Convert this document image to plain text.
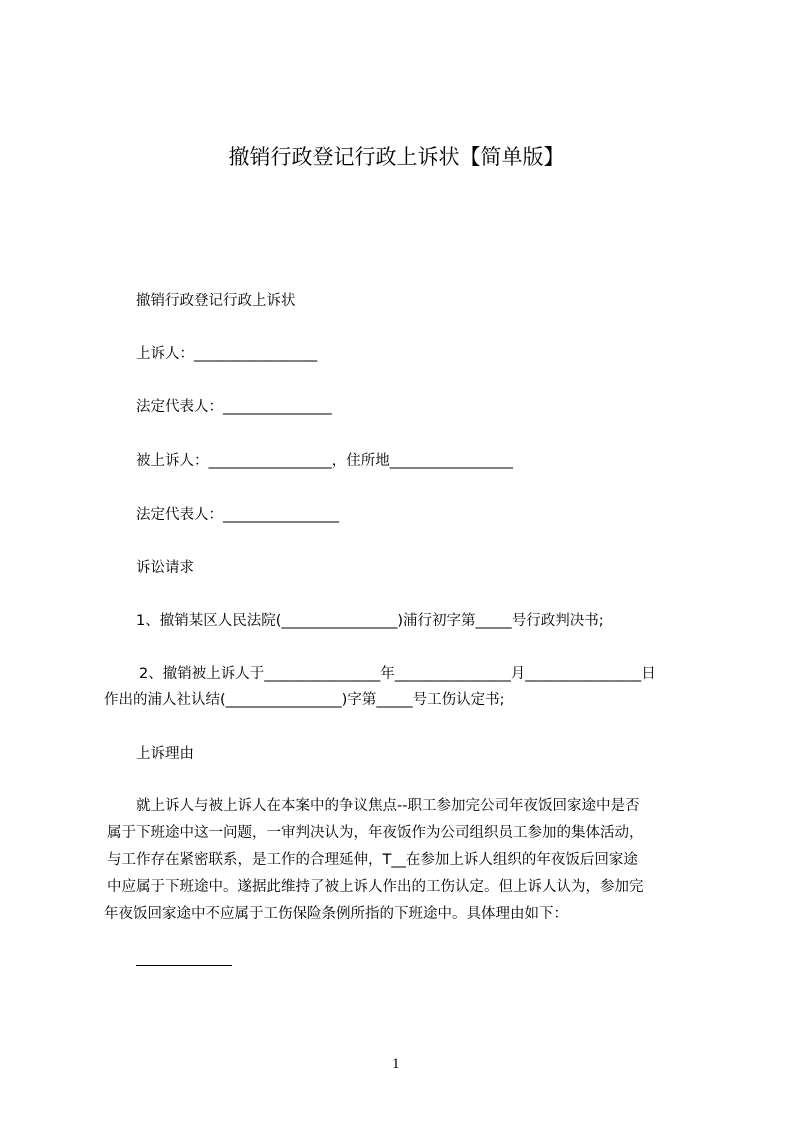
撤销行政登记行政上诉状【简单版】
撤销行政登记行政上诉状
上诉人：_________________
法定代表人：_______________
被上诉人：_________________，住所地_________________
法定代表人：________________
诉讼请求
1、撤销某区人民法院(________________)浦行初字第_____号行政判决书;
2、撤销被上诉人于________________年________________月________________日
作出的浦人社认结(________________)字第_____号工伤认定书;
上诉理由
就上诉人与被上诉人在本案中的争议焦点--职工参加完公司年夜饭回家途中是否
属于下班途中这一问题，一审判决认为，年夜饭作为公司组织员工参加的集体活动，
与工作存在紧密联系，是工作的合理延伸，T__在参加上诉人组织的年夜饭后回家途
中应属于下班途中。遂据此维持了被上诉人作出的工伤认定。但上诉人认为，参加完
年夜饭回家途中不应属于工伤保险条例所指的下班途中。具体理由如下：
1
